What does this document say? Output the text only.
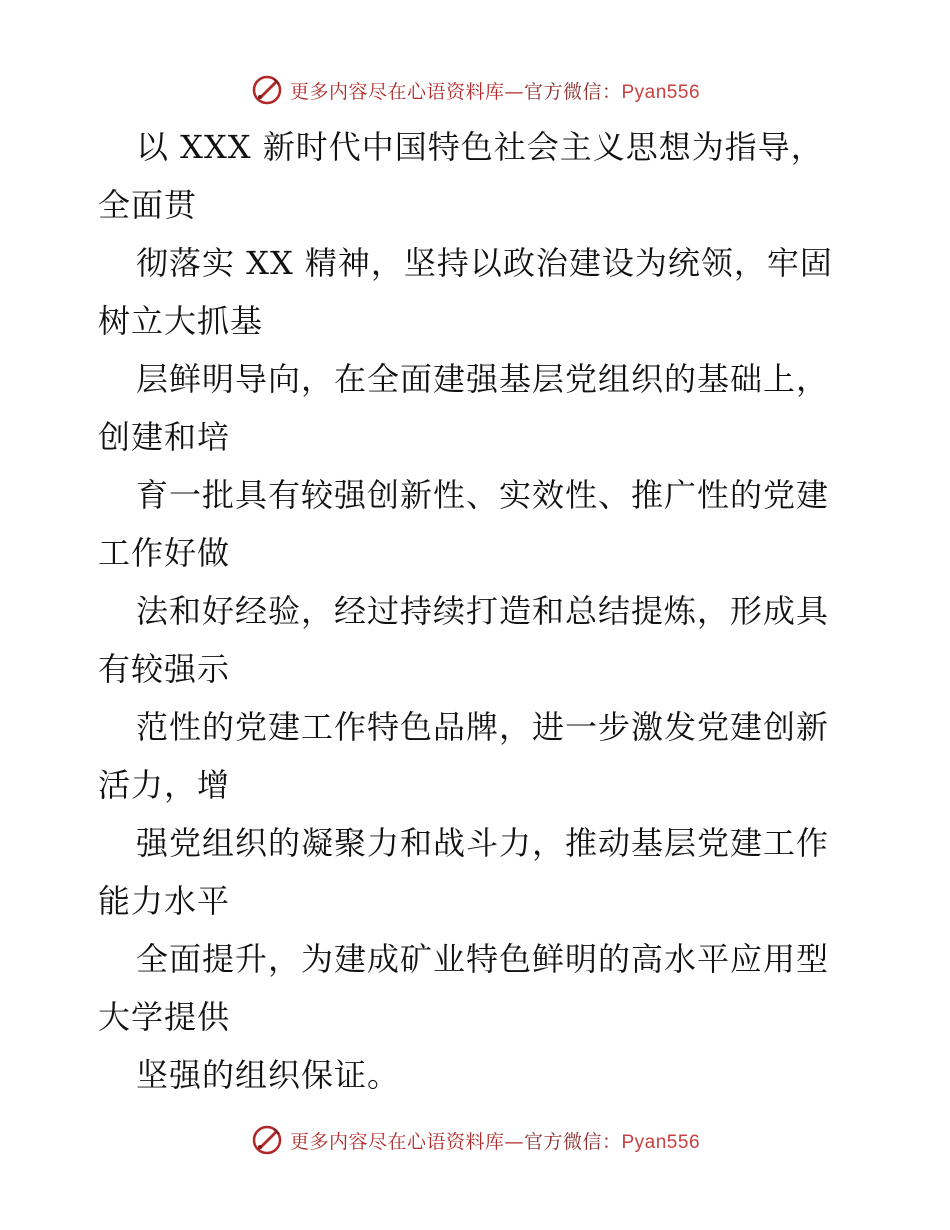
更多内容尽在心语资料库—官方微信：Pyan556
以 XXX 新时代中国特色社会主义思想为指导，
全面贯
彻落实 XX 精神，坚持以政治建设为统领，牢固
树立大抓基
层鲜明导向，在全面建强基层党组织的基础上，
创建和培
育一批具有较强创新性、实效性、推广性的党建
工作好做
法和好经验，经过持续打造和总结提炼，形成具
有较强示
范性的党建工作特色品牌，进一步激发党建创新
活力，增
强党组织的凝聚力和战斗力，推动基层党建工作
能力水平
全面提升，为建成矿业特色鲜明的高水平应用型
大学提供
坚强的组织保证。
更多内容尽在心语资料库—官方微信：Pyan556
